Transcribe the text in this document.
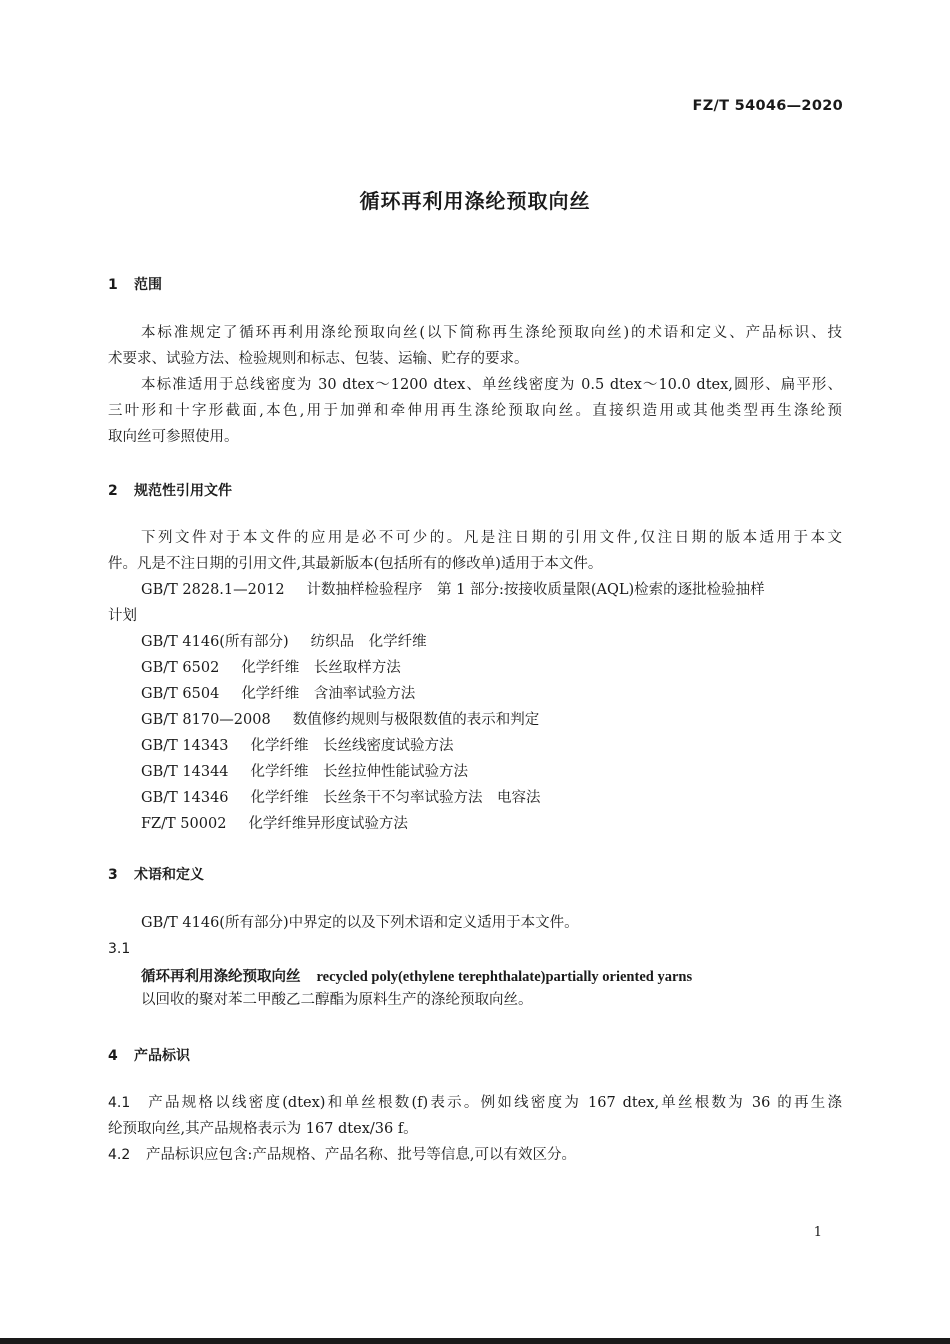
FZ/T 54046—2020
循环再利用涤纶预取向丝
1 范围
本标准规定了循环再利用涤纶预取向丝(以下简称再生涤纶预取向丝)的术语和定义、产品标识、技
术要求、试验方法、检验规则和标志、包装、运输、贮存的要求。
本标准适用于总线密度为 30 dtex～1200 dtex、单丝线密度为 0.5 dtex～10.0 dtex,圆形、扁平形、
三叶形和十字形截面,本色,用于加弹和牵伸用再生涤纶预取向丝。直接织造用或其他类型再生涤纶预
取向丝可参照使用。
2 规范性引用文件
下列文件对于本文件的应用是必不可少的。凡是注日期的引用文件,仅注日期的版本适用于本文
件。凡是不注日期的引用文件,其最新版本(包括所有的修改单)适用于本文件。
GB/T 2828.1—2012 计数抽样检验程序　第 1 部分:按接收质量限(AQL)检索的逐批检验抽样
计划
GB/T 4146(所有部分) 纺织品　化学纤维
GB/T 6502 化学纤维　长丝取样方法
GB/T 6504 化学纤维　含油率试验方法
GB/T 8170—2008 数值修约规则与极限数值的表示和判定
GB/T 14343 化学纤维　长丝线密度试验方法
GB/T 14344 化学纤维　长丝拉伸性能试验方法
GB/T 14346 化学纤维　长丝条干不匀率试验方法　电容法
FZ/T 50002 化学纤维异形度试验方法
3 术语和定义
GB/T 4146(所有部分)中界定的以及下列术语和定义适用于本文件。
3.1
循环再利用涤纶预取向丝 recycled poly(ethylene terephthalate)partially oriented yarns
以回收的聚对苯二甲酸乙二醇酯为原料生产的涤纶预取向丝。
4 产品标识
4.1 产品规格以线密度(dtex)和单丝根数(f)表示。例如线密度为 167 dtex,单丝根数为 36 的再生涤
纶预取向丝,其产品规格表示为 167 dtex/36 f。
4.2 产品标识应包含:产品规格、产品名称、批号等信息,可以有效区分。
1
